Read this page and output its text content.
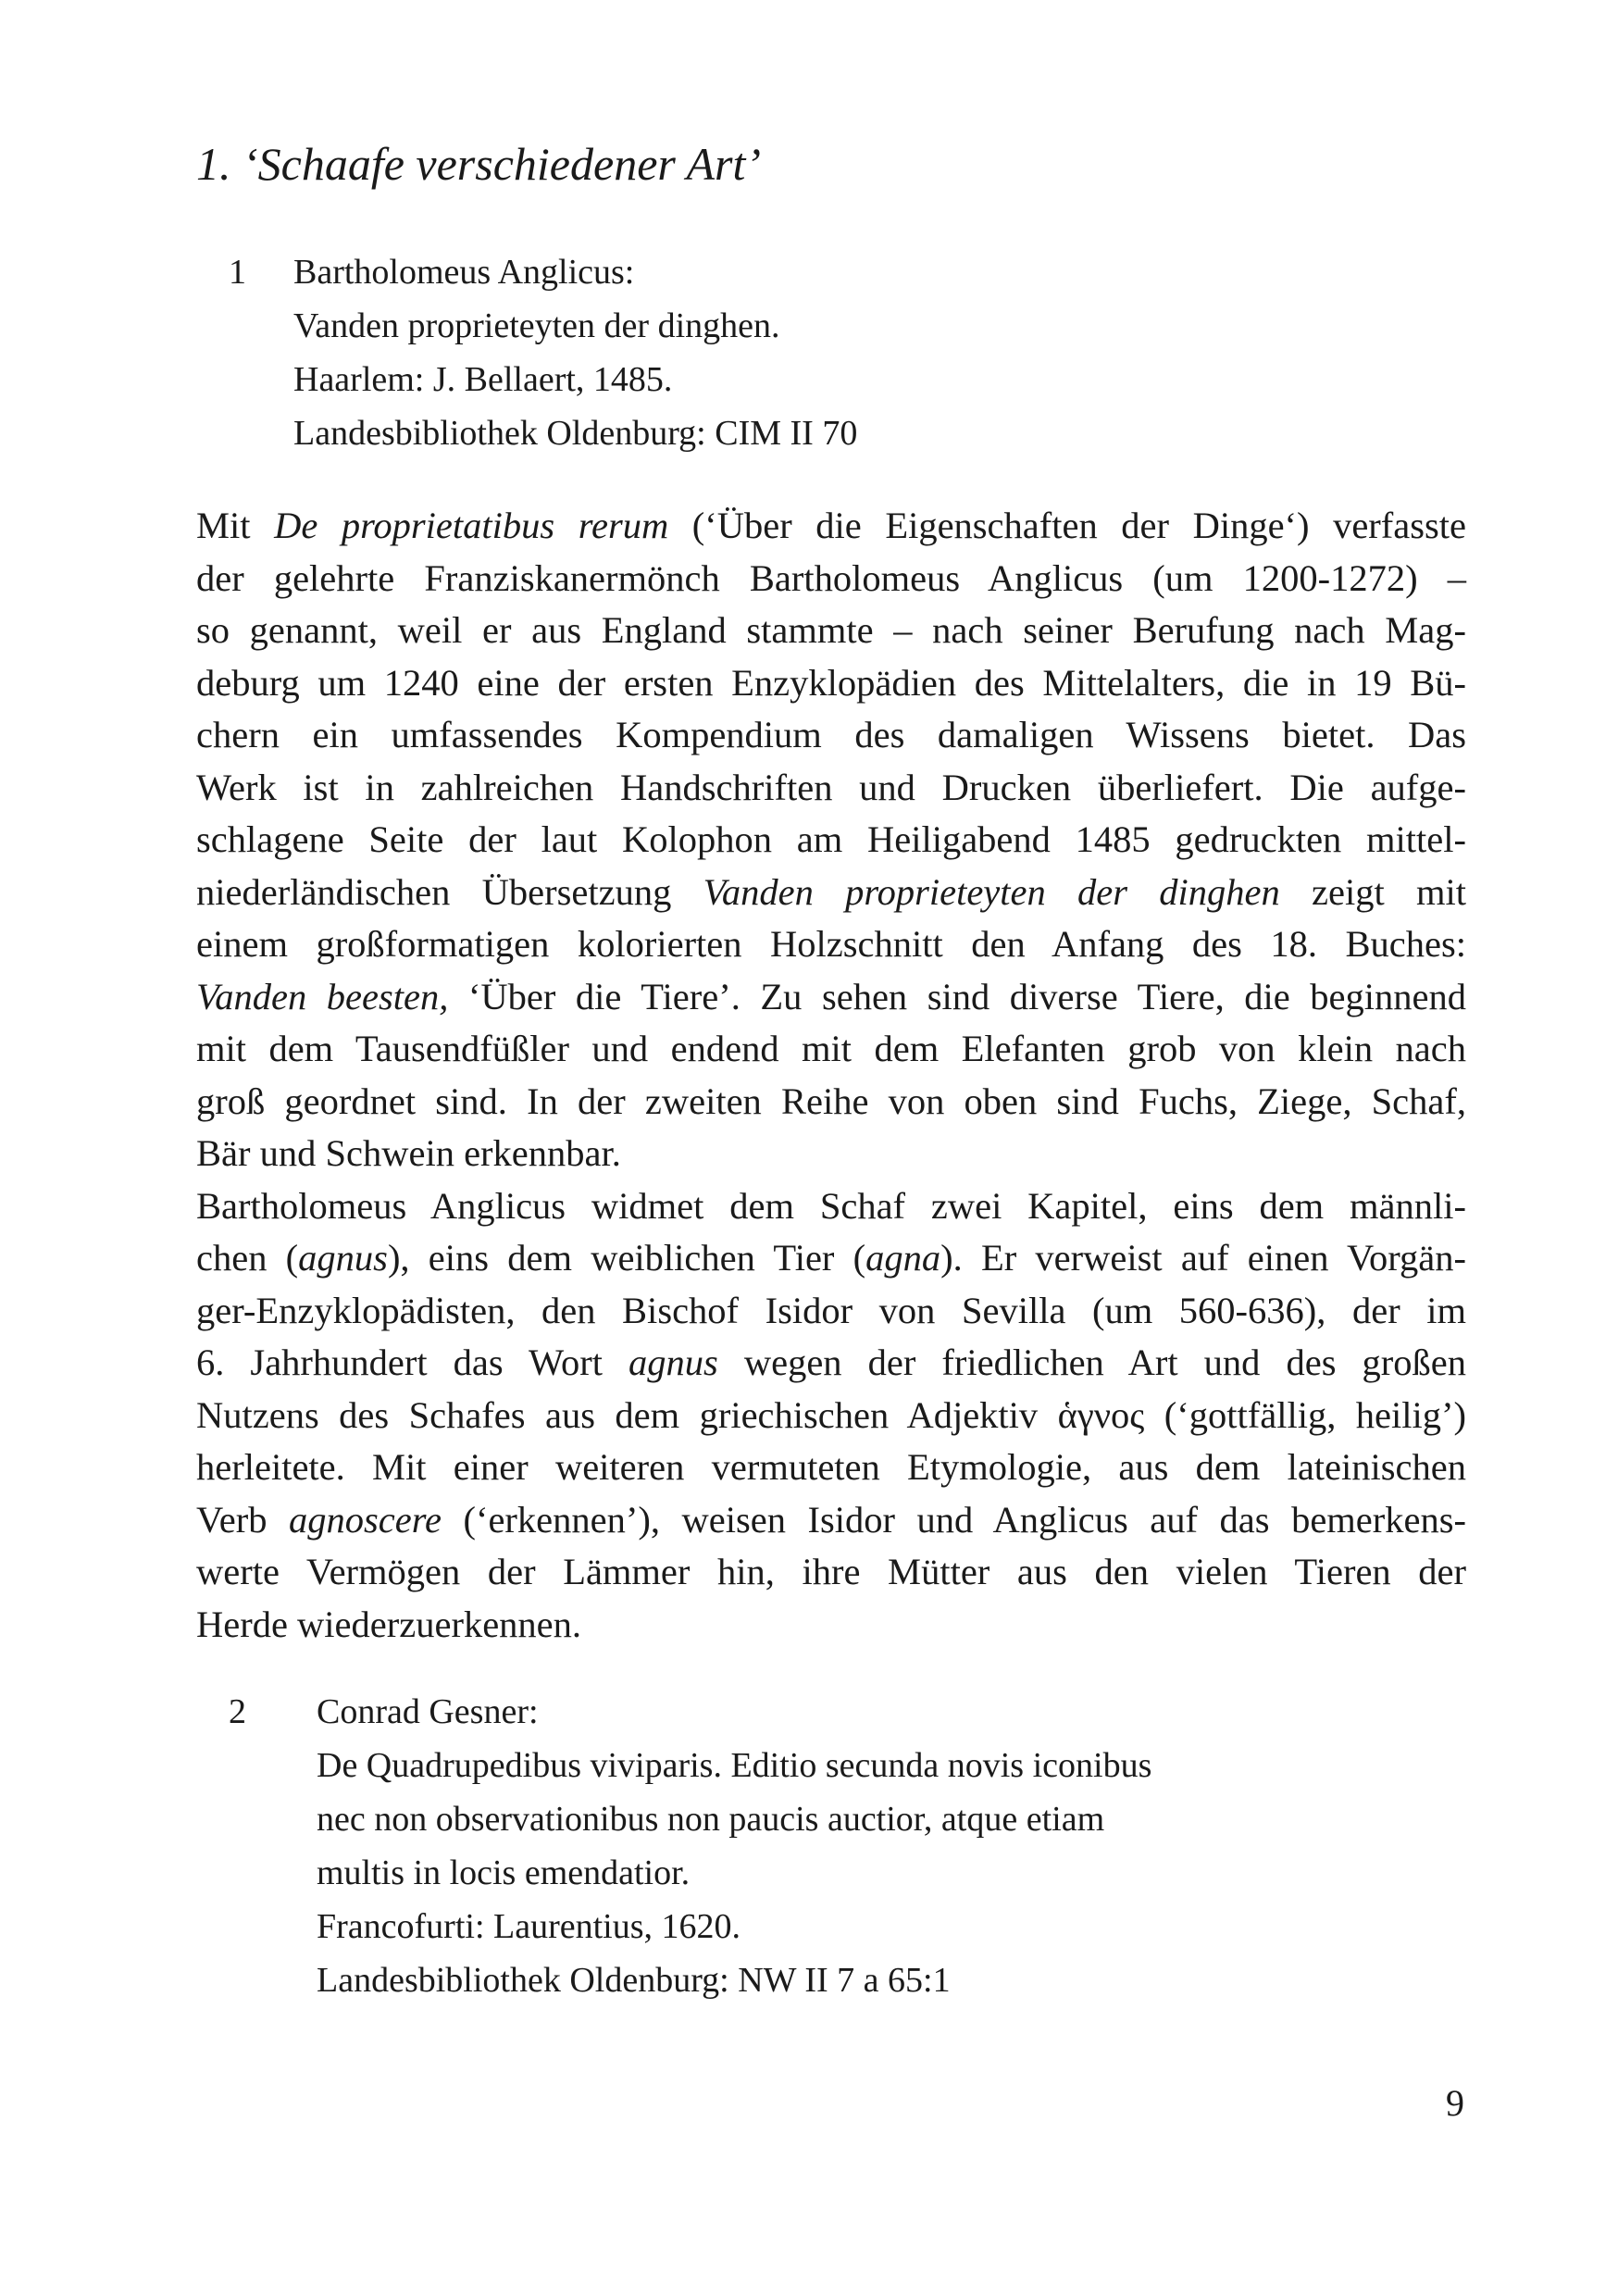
1. ‘Schaafe verschiedener Art’
1 Bartholomeus Anglicus:
Vanden proprieteyten der dinghen.
Haarlem: J. Bellaert, 1485.
Landesbibliothek Oldenburg: CIM II 70

Mit De proprietatibus rerum (‘Über die Eigenschaften der Dinge‘) verfasste
der gelehrte Franziskanermönch Bartholomeus Anglicus (um 1200-1272) –
so genannt, weil er aus England stammte – nach seiner Berufung nach Mag-
deburg um 1240 eine der ersten Enzyklopädien des Mittelalters, die in 19 Bü-
chern ein umfassendes Kompendium des damaligen Wissens bietet. Das
Werk ist in zahlreichen Handschriften und Drucken überliefert. Die aufge-
schlagene Seite der laut Kolophon am Heiligabend 1485 gedruckten mittel-
niederländischen Übersetzung Vanden proprieteyten der dinghen zeigt mit
einem großformatigen kolorierten Holzschnitt den Anfang des 18. Buches:
Vanden beesten, ‘Über die Tiere’. Zu sehen sind diverse Tiere, die beginnend
mit dem Tausendfüßler und endend mit dem Elefanten grob von klein nach
groß geordnet sind. In der zweiten Reihe von oben sind Fuchs, Ziege, Schaf,
Bär und Schwein erkennbar.

Bartholomeus Anglicus widmet dem Schaf zwei Kapitel, eins dem männli-
chen (agnus), eins dem weiblichen Tier (agna). Er verweist auf einen Vorgän-
ger-Enzyklopädisten, den Bischof Isidor von Sevilla (um 560-636), der im
6. Jahrhundert das Wort agnus wegen der friedlichen Art und des großen
Nutzens des Schafes aus dem griechischen Adjektiv ἁγνος (‘gottfällig, heilig’)
herleitete. Mit einer weiteren vermuteten Etymologie, aus dem lateinischen
Verb agnoscere (‘erkennen’), weisen Isidor und Anglicus auf das bemerkens-
werte Vermögen der Lämmer hin, ihre Mütter aus den vielen Tieren der
Herde wiederzuerkennen.

2 Conrad Gesner:
De Quadrupedibus viviparis. Editio secunda novis iconibus
nec non observationibus non paucis auctior, atque etiam
multis in locis emendatior.
Francofurti: Laurentius, 1620.
Landesbibliothek Oldenburg: NW II 7 a 65:1
9
